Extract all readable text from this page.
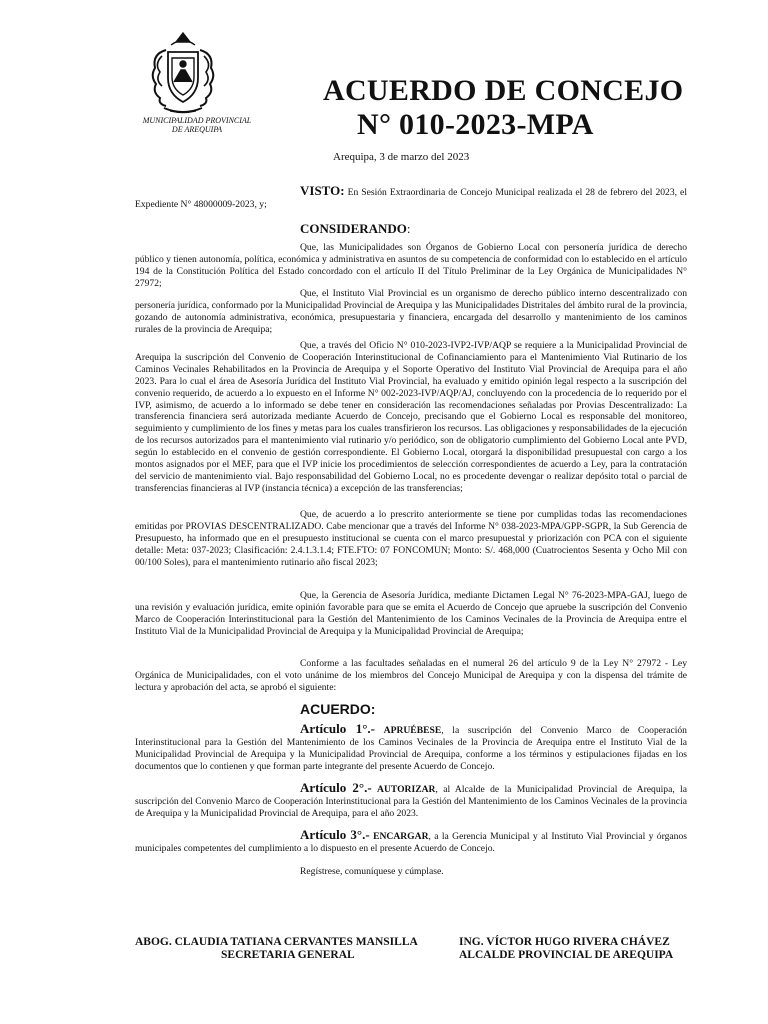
MUNICIPALIDAD PROVINCIAL
DE AREQUIPA
ACUERDO DE CONCEJO
N° 010-2023-MPA
Arequipa, 3 de marzo del 2023
VISTO: En Sesión Extraordinaria de Concejo Municipal realizada el 28 de febrero del 2023, el Expediente N° 48000009-2023, y;
CONSIDERANDO:
Que, las Municipalidades son Órganos de Gobierno Local con personería jurídica de derecho público y tienen autonomía, política, económica y administrativa en asuntos de su competencia de conformidad con lo establecido en el artículo 194 de la Constitución Política del Estado concordado con el artículo II del Título Preliminar de la Ley Orgánica de Municipalidades N° 27972;
Que, el Instituto Vial Provincial es un organismo de derecho público interno descentralizado con personería jurídica, conformado por la Municipalidad Provincial de Arequipa y las Municipalidades Distritales del ámbito rural de la provincia, gozando de autonomía administrativa, económica, presupuestaria y financiera, encargada del desarrollo y mantenimiento de los caminos rurales de la provincia de Arequipa;
Que, a través del Oficio N° 010-2023-IVP2-IVP/AQP se requiere a la Municipalidad Provincial de Arequipa la suscripción del Convenio de Cooperación Interinstitucional de Cofinanciamiento para el Mantenimiento Vial Rutinario de los Caminos Vecinales Rehabilitados en la Provincia de Arequipa y el Soporte Operativo del Instituto Vial Provincial de Arequipa para el año 2023. Para lo cual el área de Asesoría Jurídica del Instituto Vial Provincial, ha evaluado y emitido opinión legal respecto a la suscripción del convenio requerido, de acuerdo a lo expuesto en el Informe N° 002-2023-IVP/AQP/AJ, concluyendo con la procedencia de lo requerido por el IVP, asimismo, de acuerdo a lo informado se debe tener en consideración las recomendaciones señaladas por Provias Descentralizado: La transferencia financiera será autorizada mediante Acuerdo de Concejo, precisando que el Gobierno Local es responsable del monitoreo, seguimiento y cumplimiento de los fines y metas para los cuales transfirieron los recursos. Las obligaciones y responsabilidades de la ejecución de los recursos autorizados para el mantenimiento vial rutinario y/o periódico, son de obligatorio cumplimiento del Gobierno Local ante PVD, según lo establecido en el convenio de gestión correspondiente. El Gobierno Local, otorgará la disponibilidad presupuestal con cargo a los montos asignados por el MEF, para que el IVP inicie los procedimientos de selección correspondientes de acuerdo a Ley, para la contratación del servicio de mantenimiento vial. Bajo responsabilidad del Gobierno Local, no es procedente devengar o realizar depósito total o parcial de transferencias financieras al IVP (instancia técnica) a excepción de las transferencias;
Que, de acuerdo a lo prescrito anteriormente se tiene por cumplidas todas las recomendaciones emitidas por PROVIAS DESCENTRALIZADO. Cabe mencionar que a través del Informe N° 038-2023-MPA/GPP-SGPR, la Sub Gerencia de Presupuesto, ha informado que en el presupuesto institucional se cuenta con el marco presupuestal y priorización con PCA con el siguiente detalle: Meta: 037-2023; Clasificación: 2.4.1.3.1.4; FTE.FTO: 07 FONCOMUN; Monto: S/. 468,000 (Cuatrocientos Sesenta y Ocho Mil con 00/100 Soles), para el mantenimiento rutinario año fiscal 2023;
Que, la Gerencia de Asesoría Jurídica, mediante Dictamen Legal N° 76-2023-MPA-GAJ, luego de una revisión y evaluación jurídica, emite opinión favorable para que se emita el Acuerdo de Concejo que apruebe la suscripción del Convenio Marco de Cooperación Interinstitucional para la Gestión del Mantenimiento de los Caminos Vecinales de la Provincia de Arequipa entre el Instituto Vial de la Municipalidad Provincial de Arequipa y la Municipalidad Provincial de Arequipa;
Conforme a las facultades señaladas en el numeral 26 del artículo 9 de la Ley N° 27972 - Ley Orgánica de Municipalidades, con el voto unánime de los miembros del Concejo Municipal de Arequipa y con la dispensa del trámite de lectura y aprobación del acta, se aprobó el siguiente:
ACUERDO:
Artículo 1°.- APRUÉBESE, la suscripción del Convenio Marco de Cooperación Interinstitucional para la Gestión del Mantenimiento de los Caminos Vecinales de la Provincia de Arequipa entre el Instituto Vial de la Municipalidad Provincial de Arequipa y la Municipalidad Provincial de Arequipa, conforme a los términos y estipulaciones fijadas en los documentos que lo contienen y que forman parte integrante del presente Acuerdo de Concejo.
Artículo 2°.- AUTORIZAR, al Alcalde de la Municipalidad Provincial de Arequipa, la suscripción del Convenio Marco de Cooperación Interinstitucional para la Gestión del Mantenimiento de los Caminos Vecinales de la provincia de Arequipa y la Municipalidad Provincial de Arequipa, para el año 2023.
Artículo 3°.- ENCARGAR, a la Gerencia Municipal y al Instituto Vial Provincial y órganos municipales competentes del cumplimiento a lo dispuesto en el presente Acuerdo de Concejo.
Regístrese, comuníquese y cúmplase.
ABOG. CLAUDIA TATIANA CERVANTES MANSILLA
SECRETARIA GENERAL
ING. VÍCTOR HUGO RIVERA CHÁVEZ
ALCALDE PROVINCIAL DE AREQUIPA
